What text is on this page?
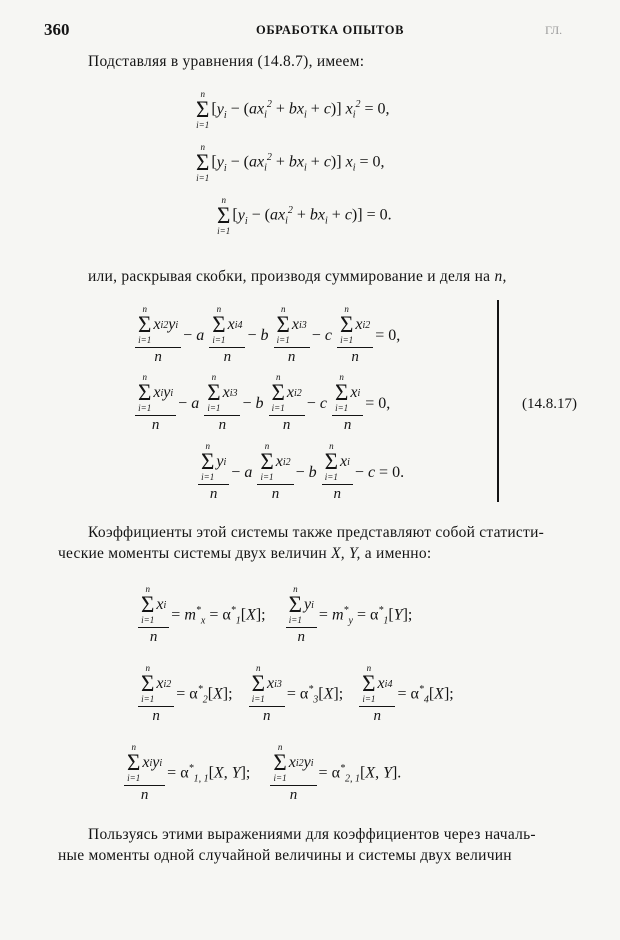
360	ОБРАБОТКА ОПЫТОВ	ГЛ.
Подставляя в уравнения (14.8.7), имеем:
n
Σ
i=1
$[y_i - (ax_i^2 + bx_i + c)] x_i^2 = 0$,
n
Σ
i=1
$[y_i - (ax_i^2 + bx_i + c)] x_i = 0$,
n
Σ
i=1
$[y_i - (ax_i^2 + bx_i + c)] = 0$.
или, раскрывая скобки, производя суммирование и деля на n,
n
Σ
i=1
x i 2 y i
n − a n
Σ
i=1
x i 4
n − b n
Σ
i=1
x i 3
n − c n
Σ
i=1
x i 2
n = 0,
n
Σ
i=1
x i y i
n − a n
Σ
i=1
x i 3
n − b n
Σ
i=1
x i 2
n − c n
Σ
i=1
x i
n = 0,
n
Σ
i=1
y i
n − a n
Σ
i=1
x i 2
n − b n
Σ
i=1
x i
n − c = 0.
(14.8.17)
Коэффициенты этой системы также представляют собой статисти-
ческие моменты системы двух величин X, Y, а именно:
n
Σ
i=1
x i
$n = m^*_x = \alpha^*_1[X]$; n
Σ
i=1
y i
$n = m^*_y = \alpha^*_1[Y]$;
n
Σ
i=1
x i 2
$n = \alpha^*_2[X]$; n
Σ
i=1
x i 3
$n = \alpha^*_3[X]$; n
Σ
i=1
x i 4
$n = \alpha^*_4[X]$;
n
Σ
i=1
x i y i
$n = \alpha^*_{1, 1}[X$, Y]; n
Σ
i=1
x i 2 y i
$n = \alpha^*_{2, 1}[X$, Y].
Пользуясь этими выражениями для коэффициентов через началь-
ные моменты одной случайной величины и системы двух величин
